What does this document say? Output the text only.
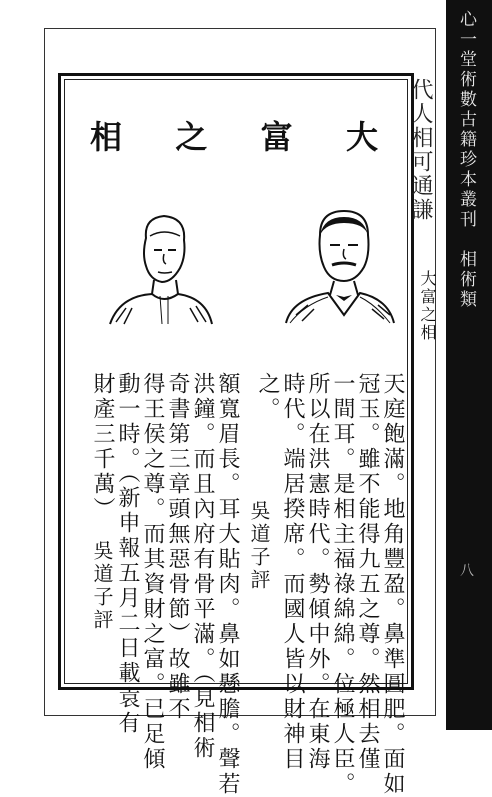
代人相可通謙
大富之相
相 之 富 大
天庭飽滿。地角豐盈。鼻準圓肥。面如
冠玉。雖不能得九五之尊。然相去僅
一間耳。是相主福祿綿綿。位極人臣。
所以在洪憲時代。勢傾中外。在東海
時代。端居揆席。而國人皆以財神目
之。
吳道子評
額寬眉長。耳大貼肉。鼻如懸膽。聲若
洪鐘。而且內府有骨平滿。（見相術
奇書第三章頭無惡骨節）故雖不
得王侯之尊。而其資財之富。已足傾
動一時。（新申報五月二日載袁有
財產三千萬）
吳道子評
心一堂術數古籍珍本叢刊　相術類
八
